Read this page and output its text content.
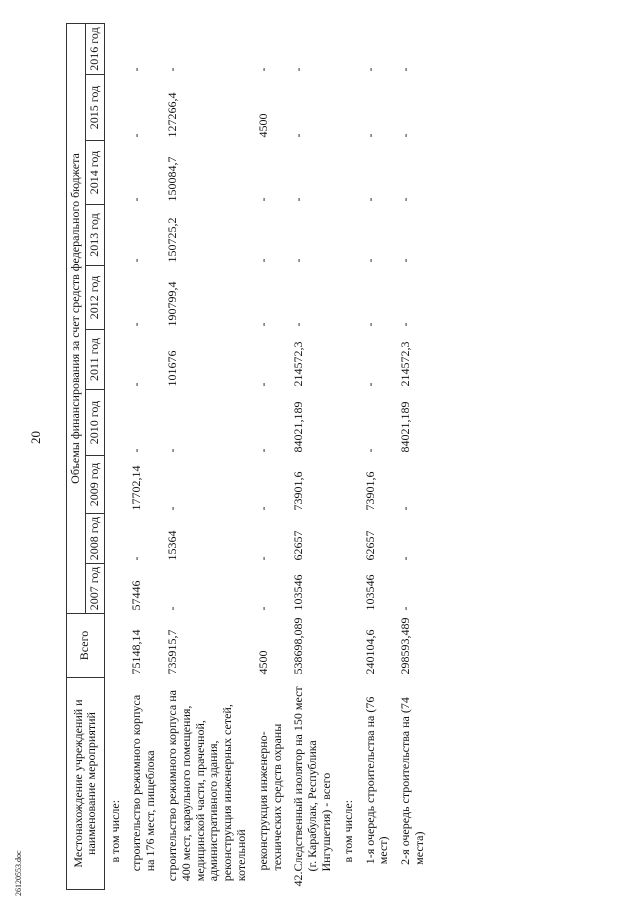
20
2612055З.doc
Местонахождение учреждений и наименование мероприятий	Всего	Объемы финансирования за счет средств федерального бюджета									
		2007 год	2008 год	2009 год	2010 год	2011 год	2012 год	2013 год	2014 год	2015 год	2016 год

в том числе:											

строительство режимного корпуса на 176 мест, пищеблока	75148,14	57446	-	17702,14	-	-	-	-	-	-	-

строительство режимного корпуса на 400 мест, караульного помещения, медицинской части, прачечной, административного здания, реконструкция инженерных сетей, котельной	735915,7	-	15364	-	-	101676	190799,4	150725,2	150084,7	127266,4	-

реконструкция инженерно-технических средств охраны	4500	-	-	-	-	-	-	-	-	4500	-

42.
Следственный изолятор на 150 мест (г. Карабулак, Республика Ингушетия) - всего	538698,089	103546	62657	73901,6	84021,189	214572,3	-	-	-	-	-

в том числе:											

1-я очередь строительства на (76 мест)	240104,6	103546	62657	73901,6	-	-	-	-	-	-	-

2-я очередь строительства на (74 места)	298593,489	-	-	-	84021,189	214572,3	-	-	-	-	-
